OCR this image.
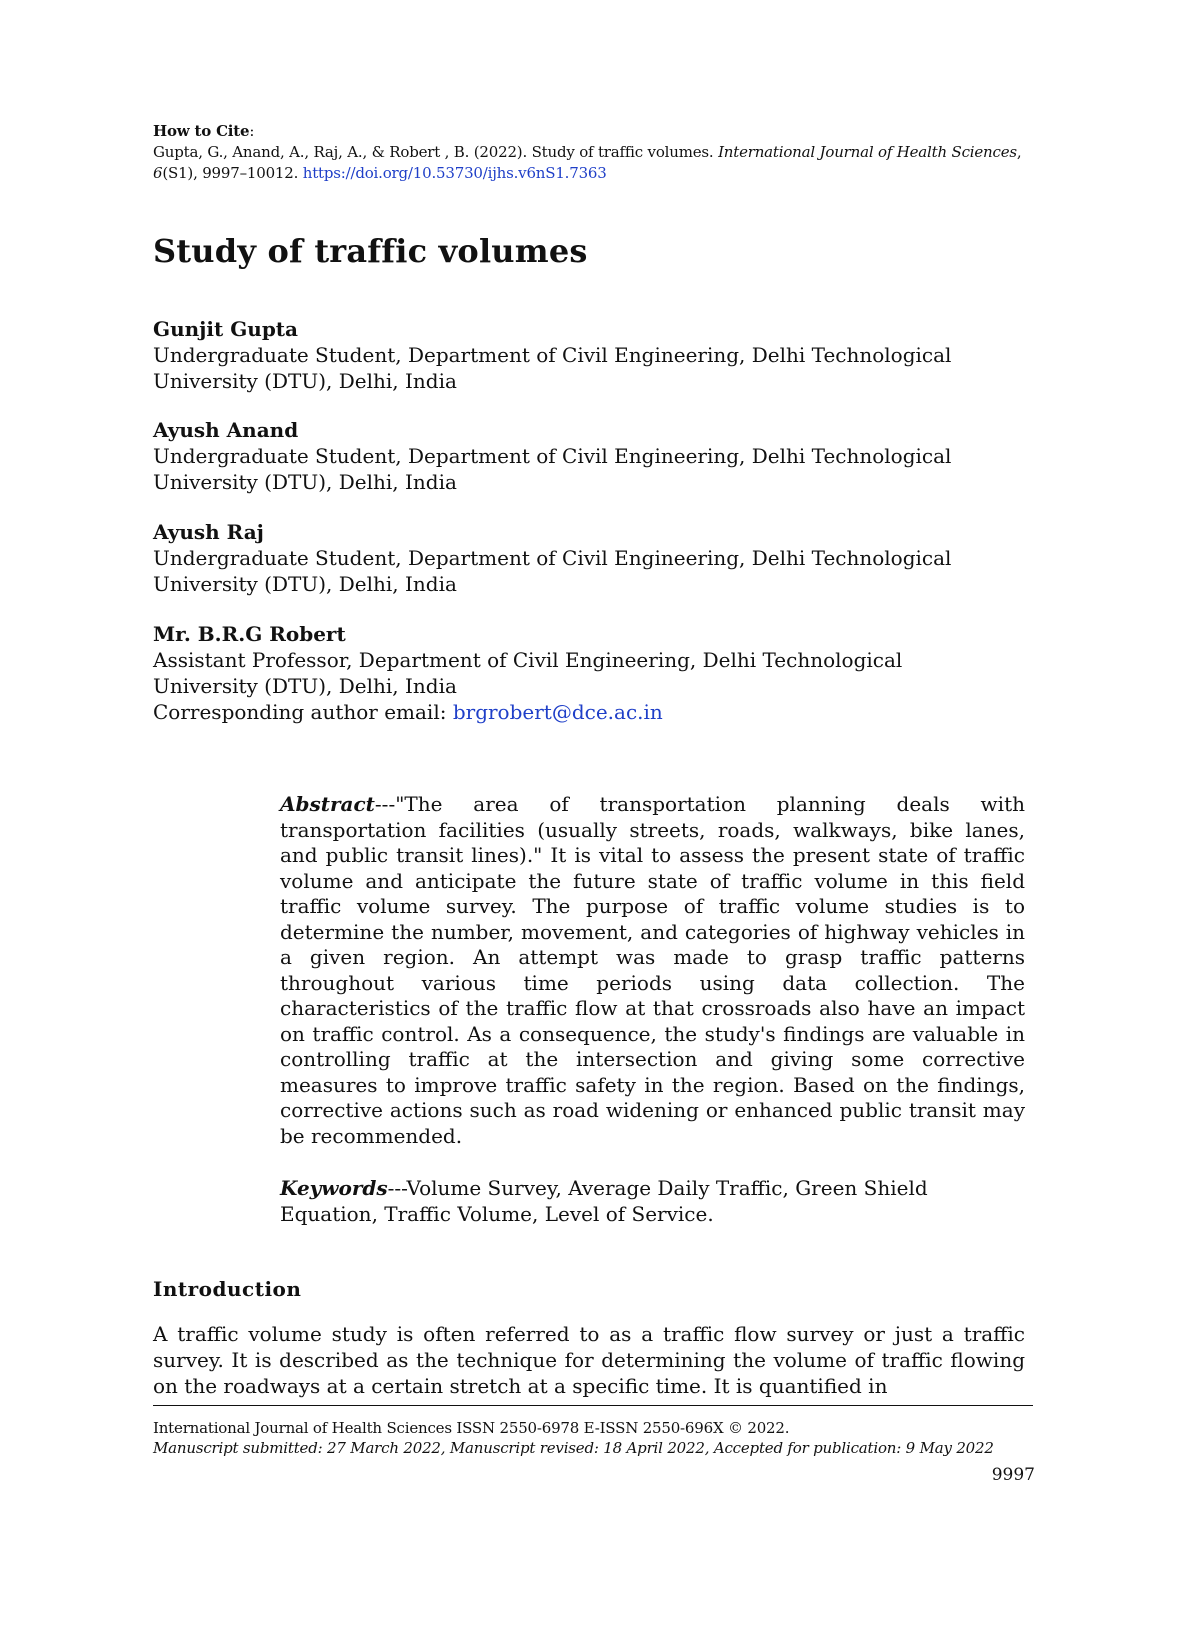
How to Cite:
Gupta, G., Anand, A., Raj, A., & Robert , B. (2022). Study of traffic volumes. International Journal of Health Sciences, 6(S1), 9997–10012. https://doi.org/10.53730/ijhs.v6nS1.7363
Study of traffic volumes
Gunjit Gupta
Undergraduate Student, Department of Civil Engineering, Delhi Technological University (DTU), Delhi, India
Ayush Anand
Undergraduate Student, Department of Civil Engineering, Delhi Technological University (DTU), Delhi, India
Ayush Raj
Undergraduate Student, Department of Civil Engineering, Delhi Technological University (DTU), Delhi, India
Mr. B.R.G Robert
Assistant Professor, Department of Civil Engineering, Delhi Technological University (DTU), Delhi, India
Corresponding author email: brgrobert@dce.ac.in
Abstract---"The area of transportation planning deals with transportation facilities (usually streets, roads, walkways, bike lanes, and public transit lines)." It is vital to assess the present state of traffic volume and anticipate the future state of traffic volume in this field traffic volume survey. The purpose of traffic volume studies is to determine the number, movement, and categories of highway vehicles in a given region. An attempt was made to grasp traffic patterns throughout various time periods using data collection. The characteristics of the traffic flow at that crossroads also have an impact on traffic control. As a consequence, the study's findings are valuable in controlling traffic at the intersection and giving some corrective measures to improve traffic safety in the region. Based on the findings, corrective actions such as road widening or enhanced public transit may be recommended.
Keywords---Volume Survey, Average Daily Traffic, Green Shield Equation, Traffic Volume, Level of Service.
Introduction
A traffic volume study is often referred to as a traffic flow survey or just a traffic survey. It is described as the technique for determining the volume of traffic flowing on the roadways at a certain stretch at a specific time. It is quantified in
International Journal of Health Sciences ISSN 2550-6978 E-ISSN 2550-696X © 2022.
Manuscript submitted: 27 March 2022, Manuscript revised: 18 April 2022, Accepted for publication: 9 May 2022
9997
